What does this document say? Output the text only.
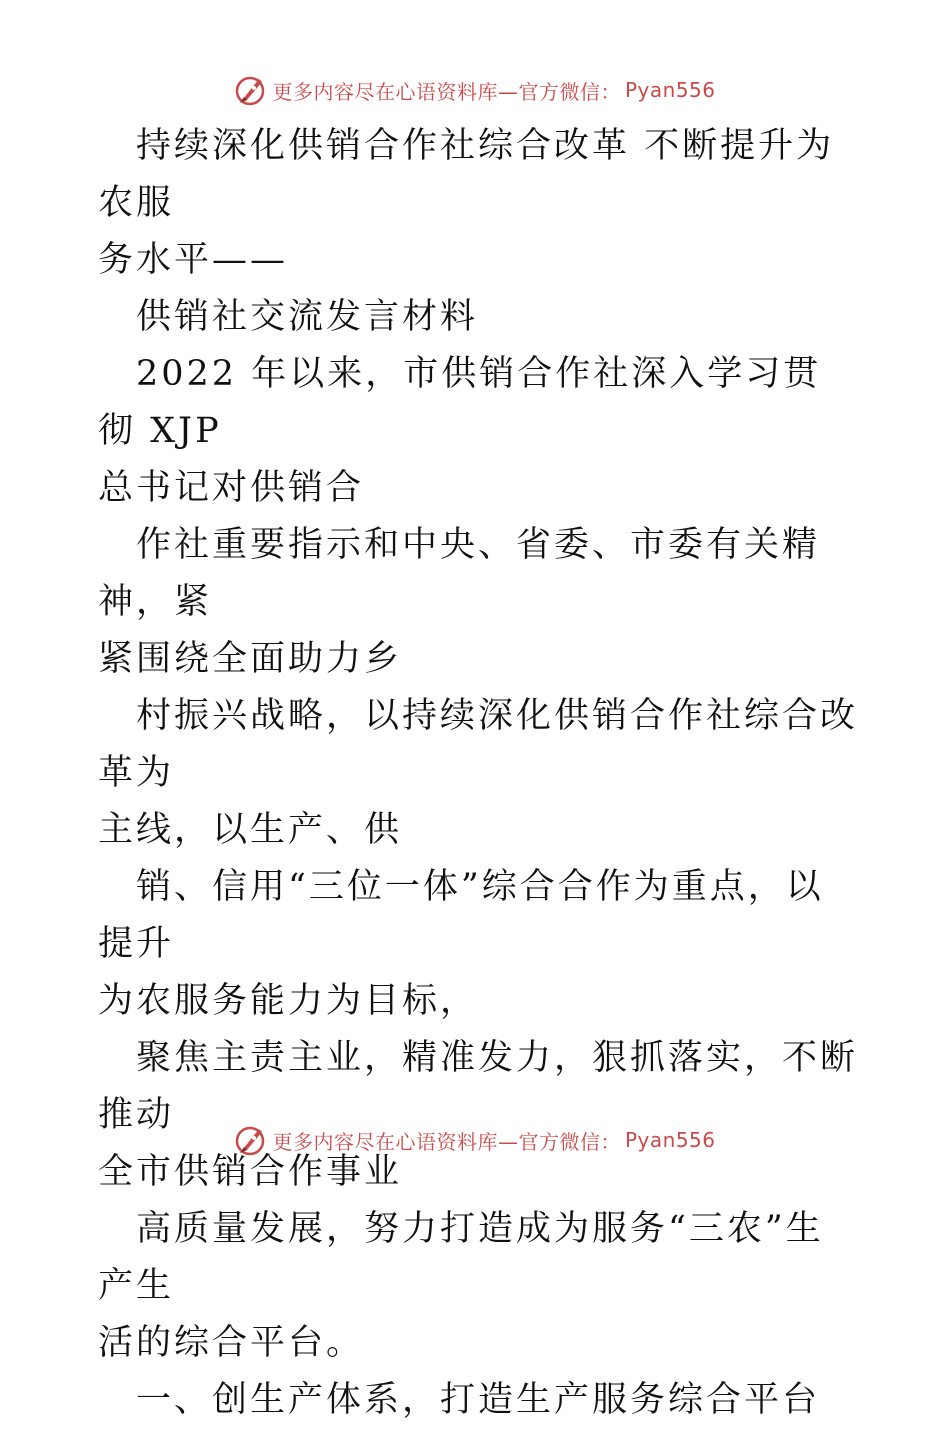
更多内容尽在心语资料库—官方微信： Pyan556

持续深化供销合作社综合改革 不断提升为农服
务水平——

供销社交流发言材料

2022 年以来，市供销合作社深入学习贯彻 XJP
总书记对供销合

作社重要指示和中央、省委、市委有关精神，紧
紧围绕全面助力乡

村振兴战略，以持续深化供销合作社综合改革为
主线，以生产、供

销、信用“三位一体”综合合作为重点，以提升
为农服务能力为目标，

聚焦主责主业，精准发力，狠抓落实，不断推动
全市供销合作事业

高质量发展，努力打造成为服务“三农”生产生
活的综合平台。

一、创生产体系，打造生产服务综合平台

更多内容尽在心语资料库—官方微信： Pyan556
